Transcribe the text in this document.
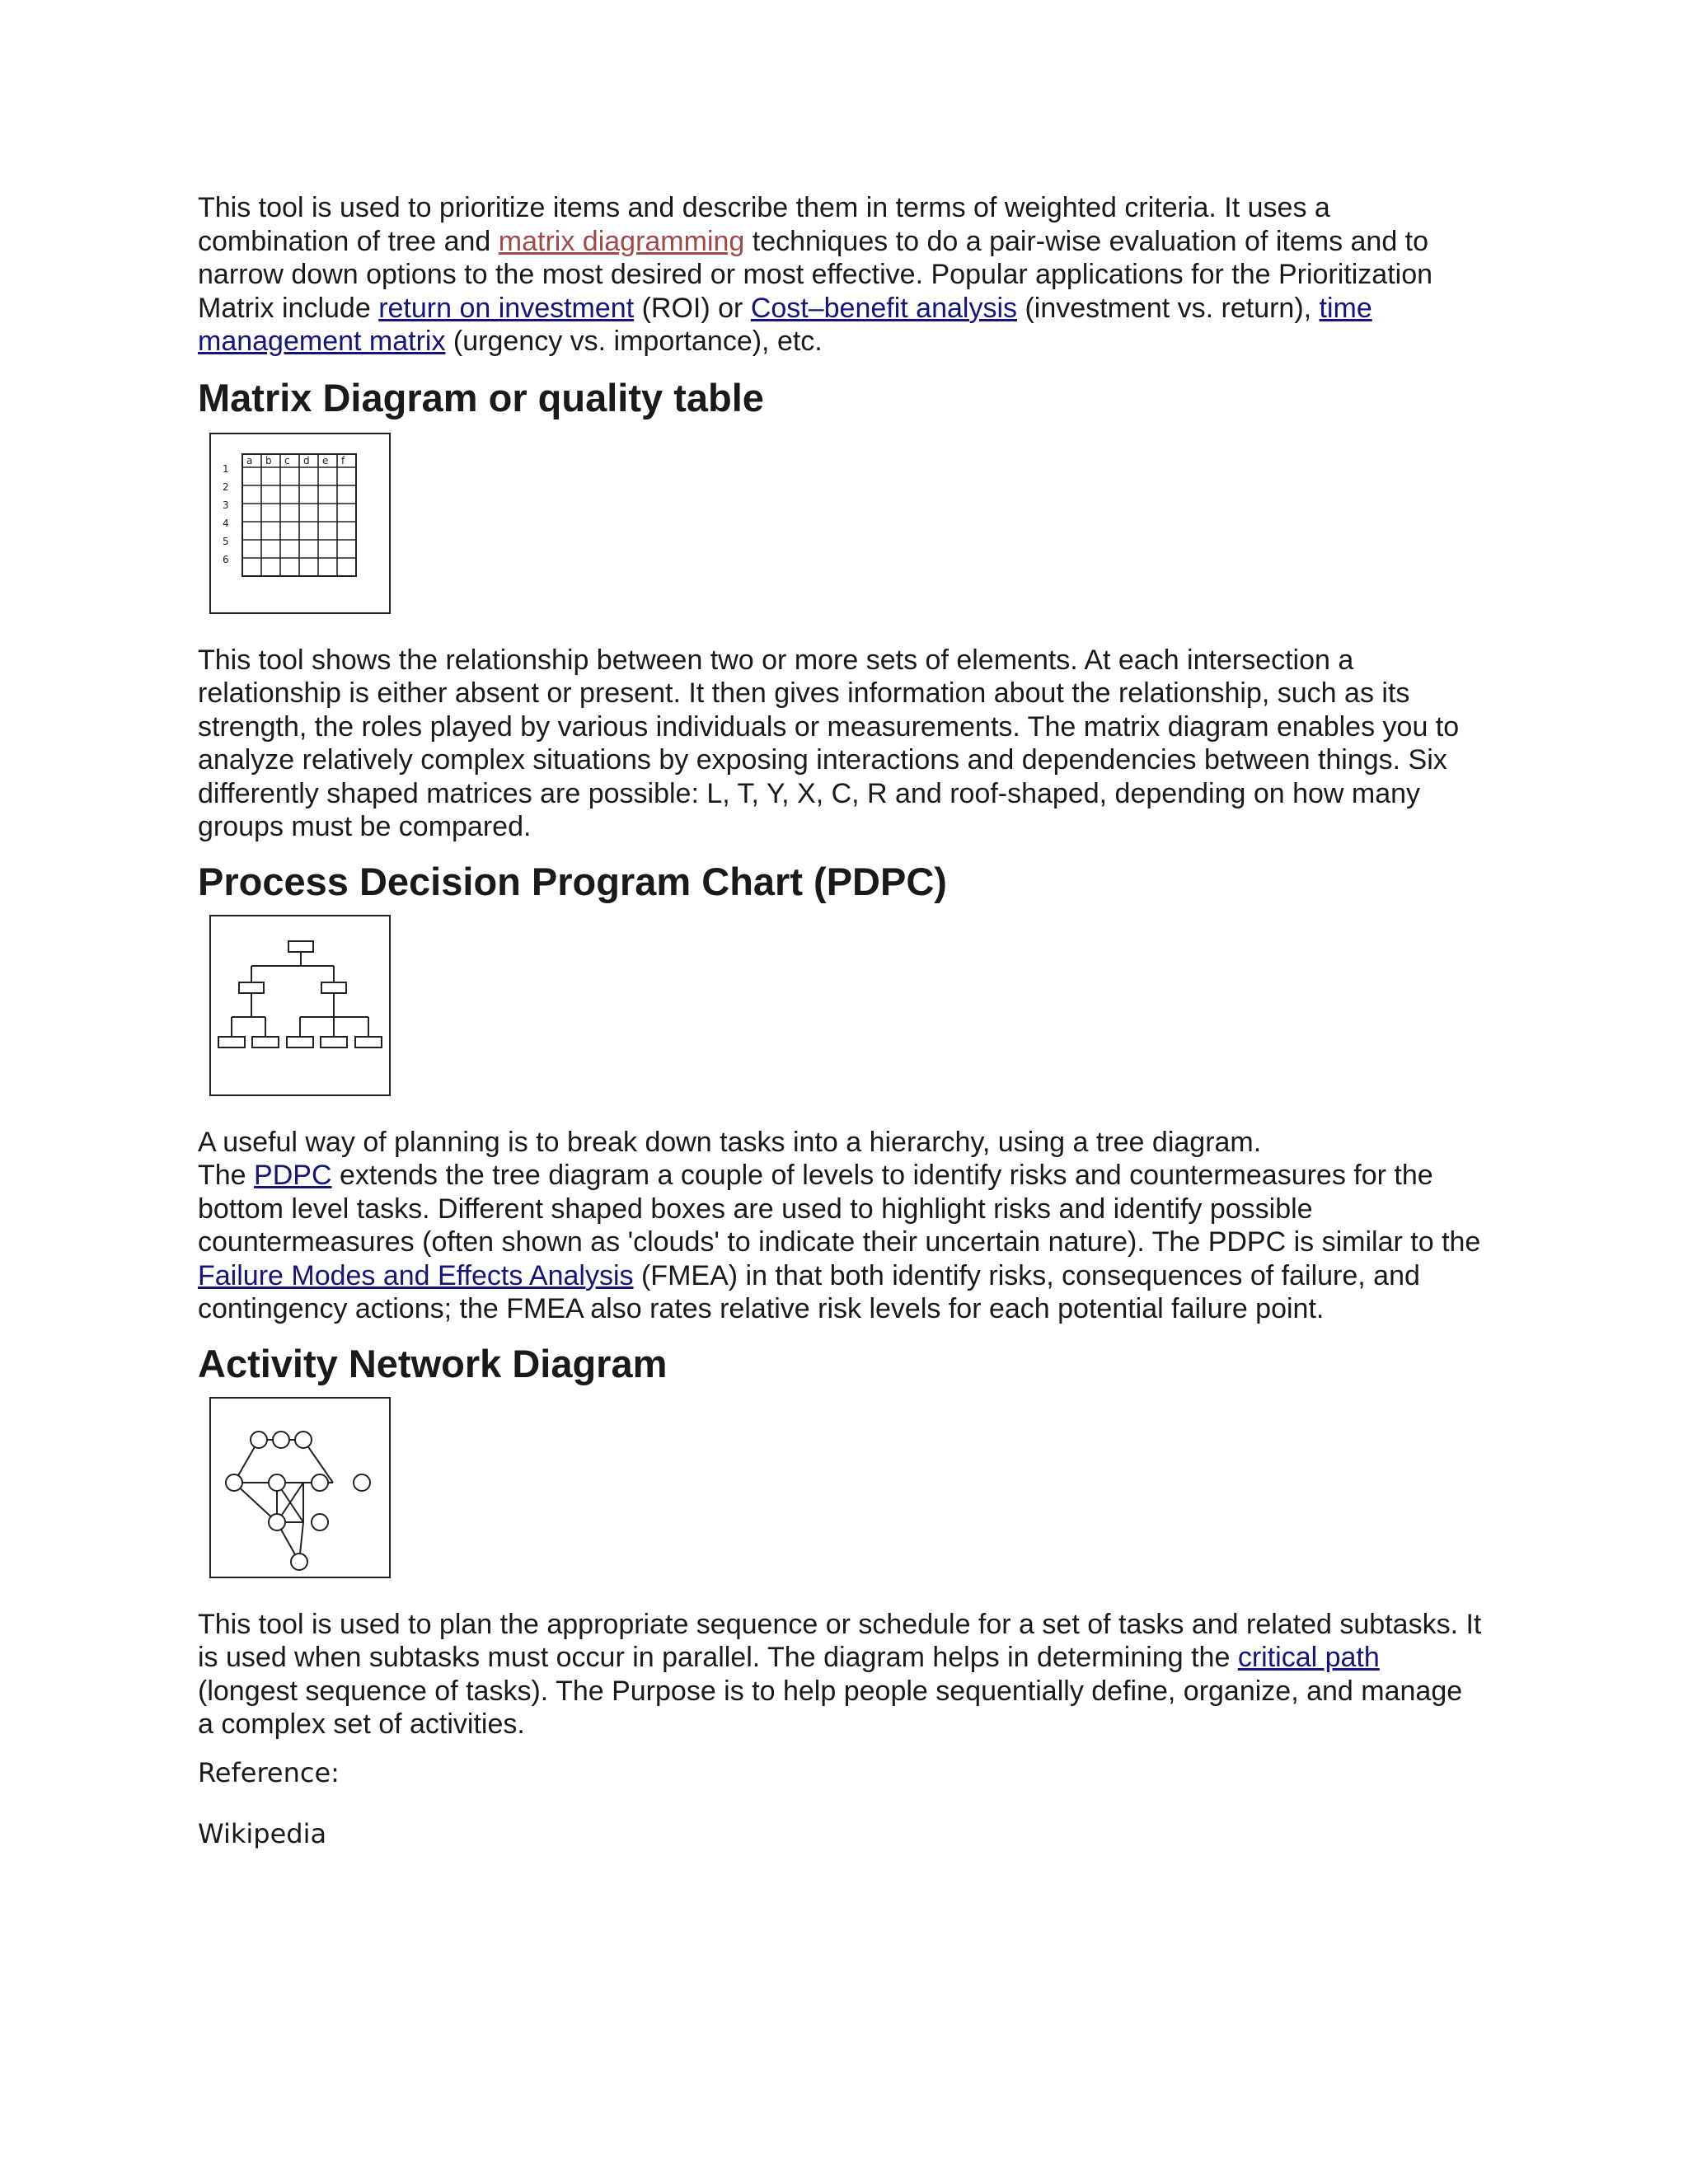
This tool is used to prioritize items and describe them in terms of weighted criteria. It uses a combination of tree and matrix diagramming techniques to do a pair-wise evaluation of items and to narrow down options to the most desired or most effective. Popular applications for the Prioritization Matrix include return on investment (ROI) or Cost–benefit analysis (investment vs. return), time management matrix (urgency vs. importance), etc.

Matrix Diagram or quality table
a b c d e f
1
2
3
4
5
6

This tool shows the relationship between two or more sets of elements. At each intersection a relationship is either absent or present. It then gives information about the relationship, such as its strength, the roles played by various individuals or measurements. The matrix diagram enables you to analyze relatively complex situations by exposing interactions and dependencies between things. Six differently shaped matrices are possible: L, T, Y, X, C, R and roof-shaped, depending on how many groups must be compared.

Process Decision Program Chart (PDPC)

A useful way of planning is to break down tasks into a hierarchy, using a tree diagram.
The PDPC extends the tree diagram a couple of levels to identify risks and countermeasures for the bottom level tasks. Different shaped boxes are used to highlight risks and identify possible countermeasures (often shown as 'clouds' to indicate their uncertain nature). The PDPC is similar to the Failure Modes and Effects Analysis (FMEA) in that both identify risks, consequences of failure, and contingency actions; the FMEA also rates relative risk levels for each potential failure point.

Activity Network Diagram

This tool is used to plan the appropriate sequence or schedule for a set of tasks and related subtasks. It is used when subtasks must occur in parallel. The diagram helps in determining the critical path (longest sequence of tasks). The Purpose is to help people sequentially define, organize, and manage a complex set of activities.

Reference:

Wikipedia
